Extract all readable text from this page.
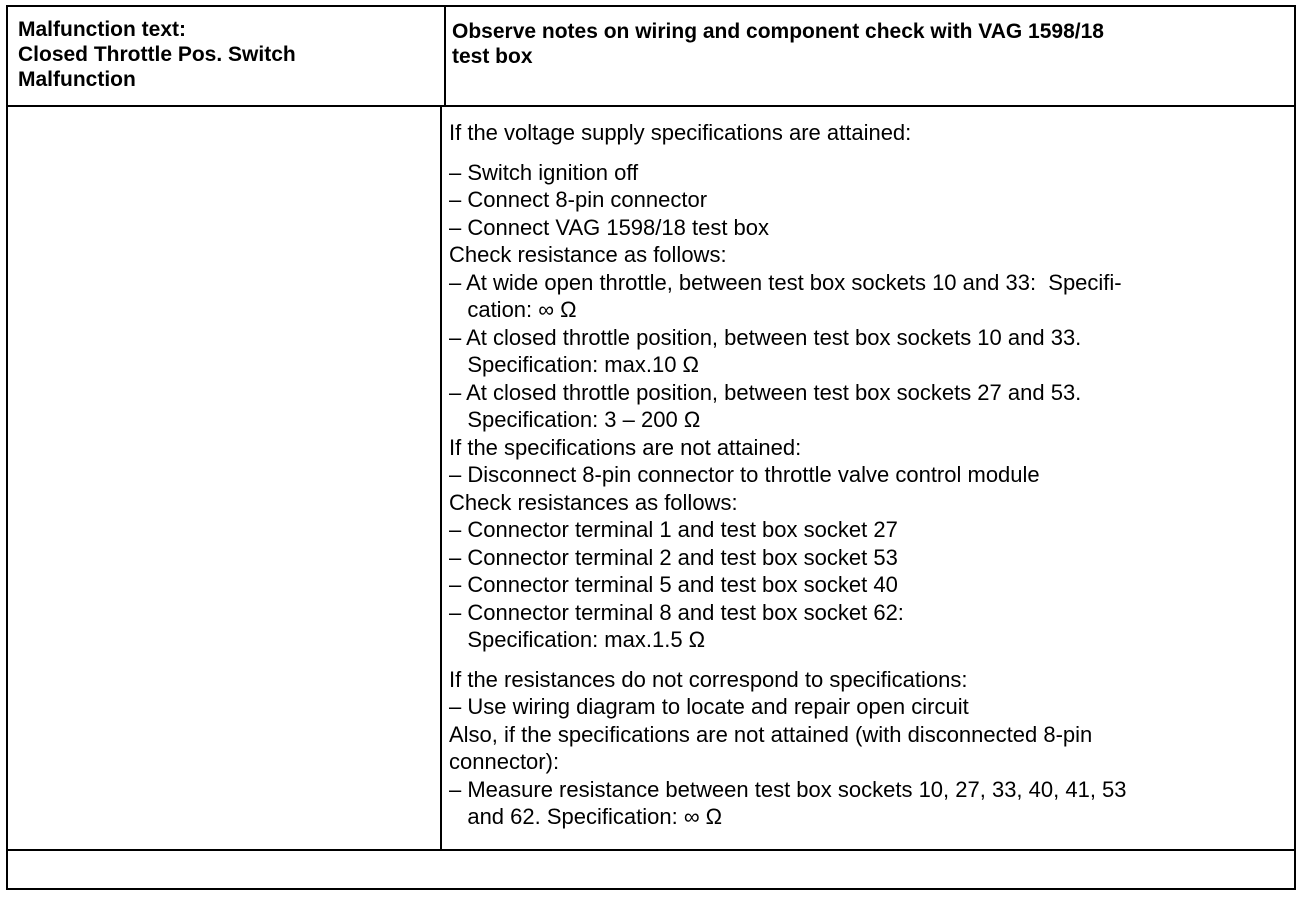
Malfunction text:
Closed Throttle Pos. Switch
Malfunction
Observe notes on wiring and component check with VAG 1598/18
test box
If the voltage supply specifications are attained:
– Switch ignition off
– Connect 8-pin connector
– Connect VAG 1598/18 test box
Check resistance as follows:
– At wide open throttle, between test box sockets 10 and 33:  Specifi-
cation: ∞ Ω
– At closed throttle position, between test box sockets 10 and 33.
Specification: max.10 Ω
– At closed throttle position, between test box sockets 27 and 53.
Specification: 3 – 200 Ω
If the specifications are not attained:
– Disconnect 8-pin connector to throttle valve control module
Check resistances as follows:
– Connector terminal 1 and test box socket 27
– Connector terminal 2 and test box socket 53
– Connector terminal 5 and test box socket 40
– Connector terminal 8 and test box socket 62:
Specification: max.1.5 Ω
If the resistances do not correspond to specifications:
– Use wiring diagram to locate and repair open circuit
Also, if the specifications are not attained (with disconnected 8-pin
connector):
– Measure resistance between test box sockets 10, 27, 33, 40, 41, 53
and 62. Specification: ∞ Ω
